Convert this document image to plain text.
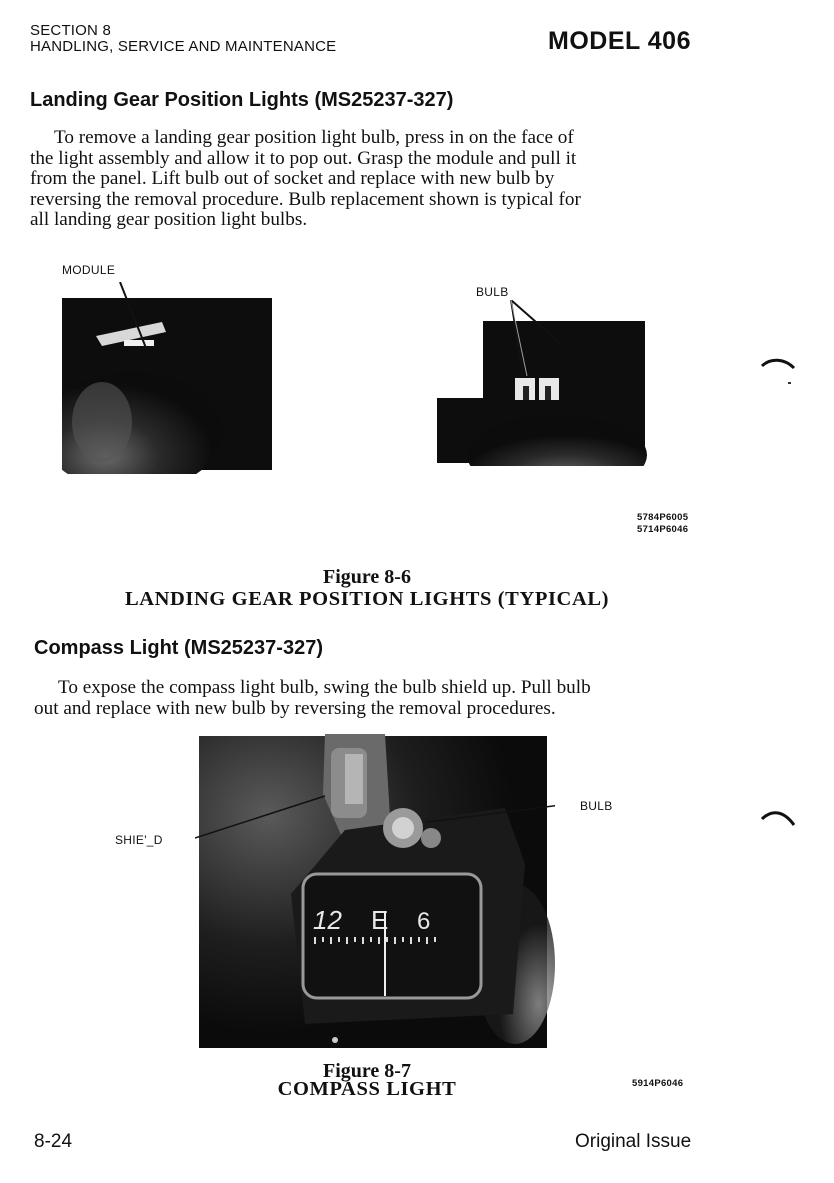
SECTION 8
HANDLING, SERVICE AND MAINTENANCE	MODEL 406
Landing Gear Position Lights (MS25237-327)
To remove a landing gear position light bulb, press in on the face of
the light assembly and allow it to pop out. Grasp the module and pull it
from the panel. Lift bulb out of socket and replace with new bulb by
reversing the removal procedure. Bulb replacement shown is typical for
all landing gear position light bulbs.
MODULE
BULB
5784P6005
5714P6046
Figure 8-6
LANDING GEAR POSITION LIGHTS (TYPICAL)
Compass Light (MS25237-327)
To expose the compass light bulb, swing the bulb shield up. Pull bulb
out and replace with new bulb by reversing the removal procedures.
12 E 6
SHIE'_D
BULB
Figure 8-7
COMPASS LIGHT	5914P6046
8-24	Original Issue
